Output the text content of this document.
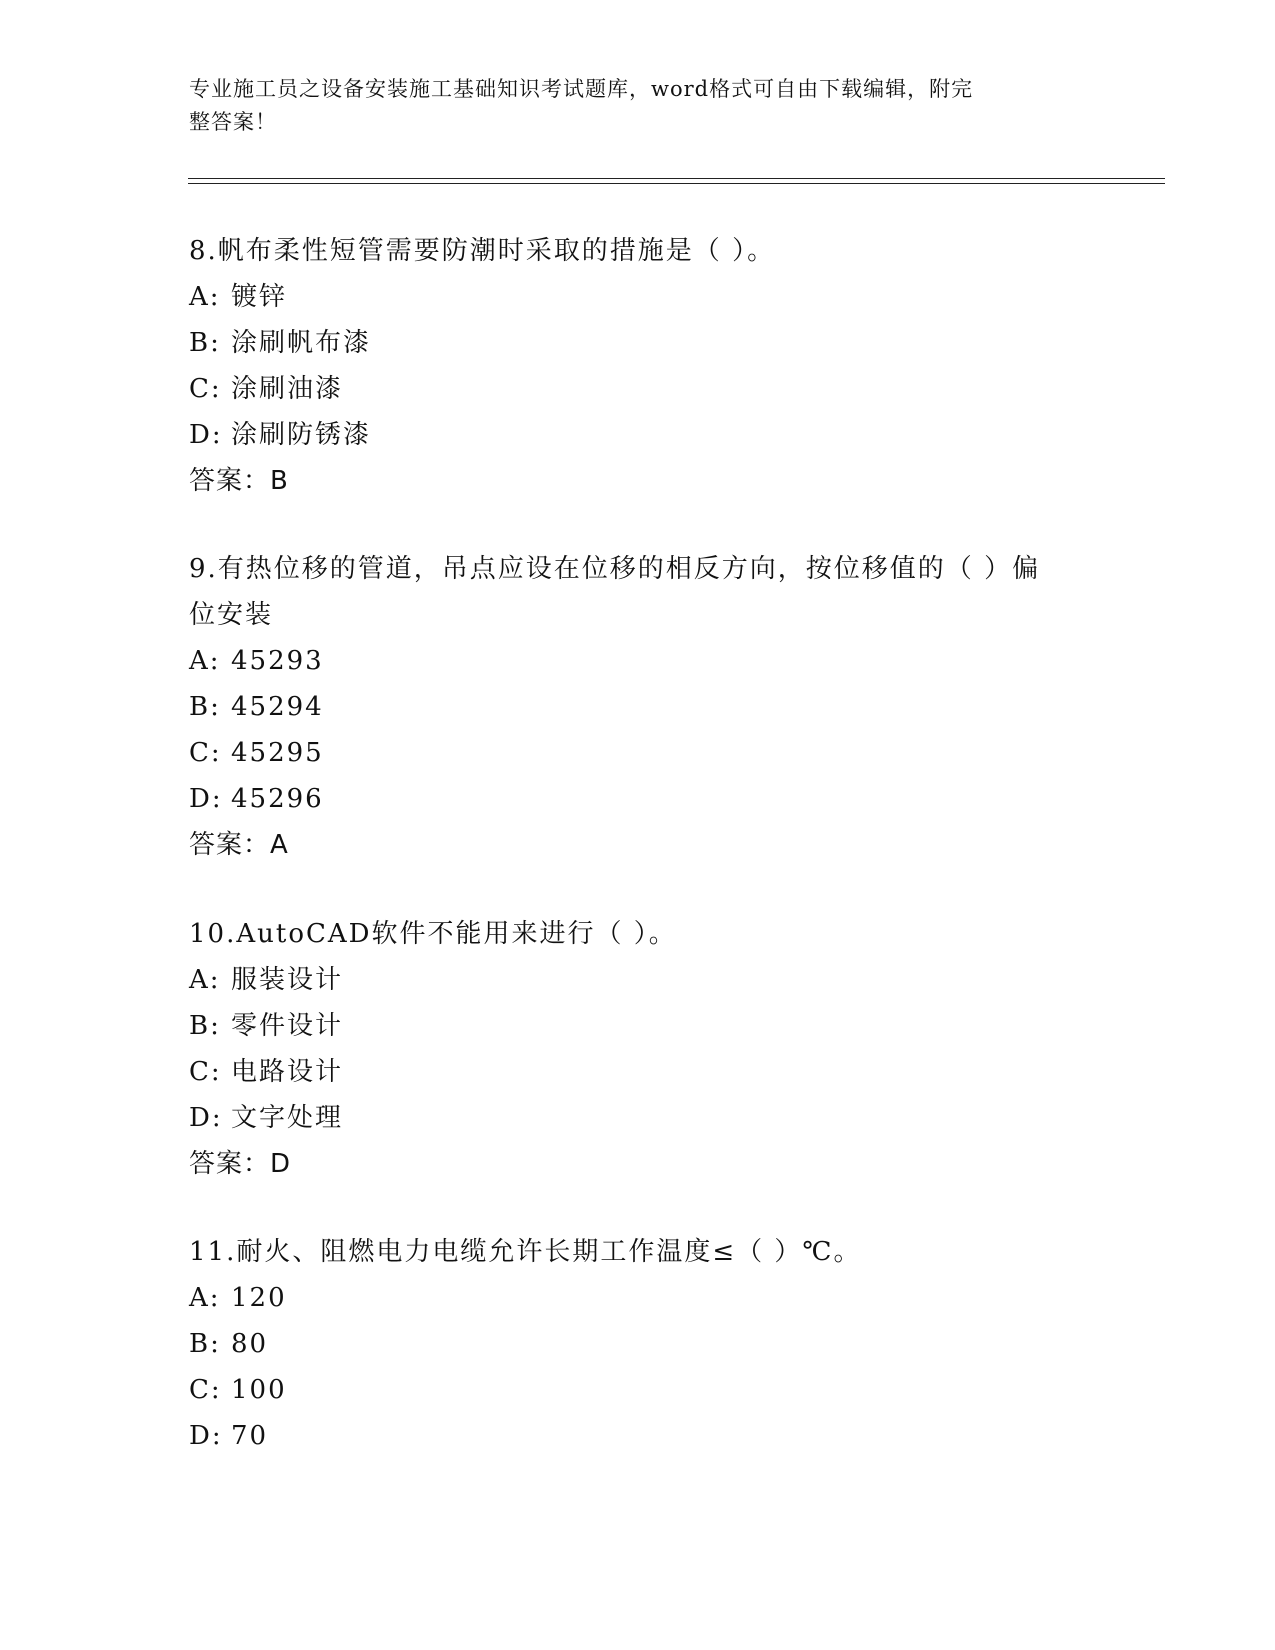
专业施工员之设备安装施工基础知识考试题库，word格式可自由下载编辑，附完
整答案！
8.帆布柔性短管需要防潮时采取的措施是（ ）。
A: 镀锌
B: 涂刷帆布漆
C: 涂刷油漆
D: 涂刷防锈漆
答案：B
9.有热位移的管道，吊点应设在位移的相反方向，按位移值的（ ）偏
位安装
A: 45293
B: 45294
C: 45295
D: 45296
答案：A
10.AutoCAD软件不能用来进行（ ）。
A: 服装设计
B: 零件设计
C: 电路设计
D: 文字处理
答案：D
11.耐火、阻燃电力电缆允许长期工作温度≤（ ）℃。
A: 120
B: 80
C: 100
D: 70
